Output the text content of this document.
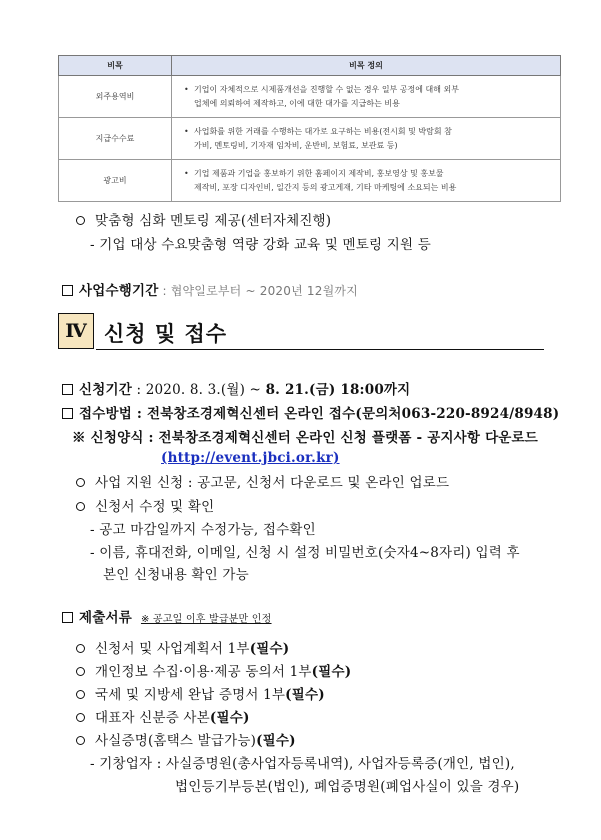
비목	비목 정의
외주용역비	• 기업이 자체적으로 시제품개선을 진행할 수 없는 경우 일부 공정에 대해 외부
업체에 의뢰하여 제작하고, 이에 대한 대가를 지급하는 비용

지급수수료	• 사업화를 위한 거래를 수행하는 대가로 요구하는 비용(전시회 및 박람회 참
가비, 멘토링비, 기자재 임차비, 운반비, 보험료, 보관료 등)

광고비	• 기업 제품과 기업을 홍보하기 위한 홈페이지 제작비, 홍보영상 및 홍보물
제작비, 포장 디자인비, 일간지 등의 광고게재, 기타 마케팅에 소요되는 비용
맞춤형 심화 멘토링 제공(센터자체진행)
- 기업 대상 수요맞춤형 역량 강화 교육 및 멘토링 지원 등
사업수행기간 : 협약일로부터 ~ 2020년 12월까지
Ⅳ 신청 및 접수
신청기간 : 2020. 8. 3.(월) ~ 8. 21.(금) 18:00까지
접수방법 : 전북창조경제혁신센터 온라인 접수(문의처063-220-8924/8948)
※ 신청양식 : 전북창조경제혁신센터 온라인 신청 플랫폼 - 공지사항 다운로드
(http://event.jbci.or.kr)
사업 지원 신청 : 공고문, 신청서 다운로드 및 온라인 업로드
신청서 수정 및 확인
- 공고 마감일까지 수정가능, 접수확인
- 이름, 휴대전화, 이메일, 신청 시 설정 비밀번호(숫자4~8자리) 입력 후
본인 신청내용 확인 가능
제출서류 ※ 공고일 이후 발급분만 인정
신청서 및 사업계획서 1부(필수)
개인정보 수집·이용·제공 동의서 1부(필수)
국세 및 지방세 완납 증명서 1부(필수)
대표자 신분증 사본(필수)
사실증명(홈택스 발급가능)(필수)
- 기창업자 : 사실증명원(총사업자등록내역), 사업자등록증(개인, 법인),
법인등기부등본(법인), 폐업증명원(폐업사실이 있을 경우)
